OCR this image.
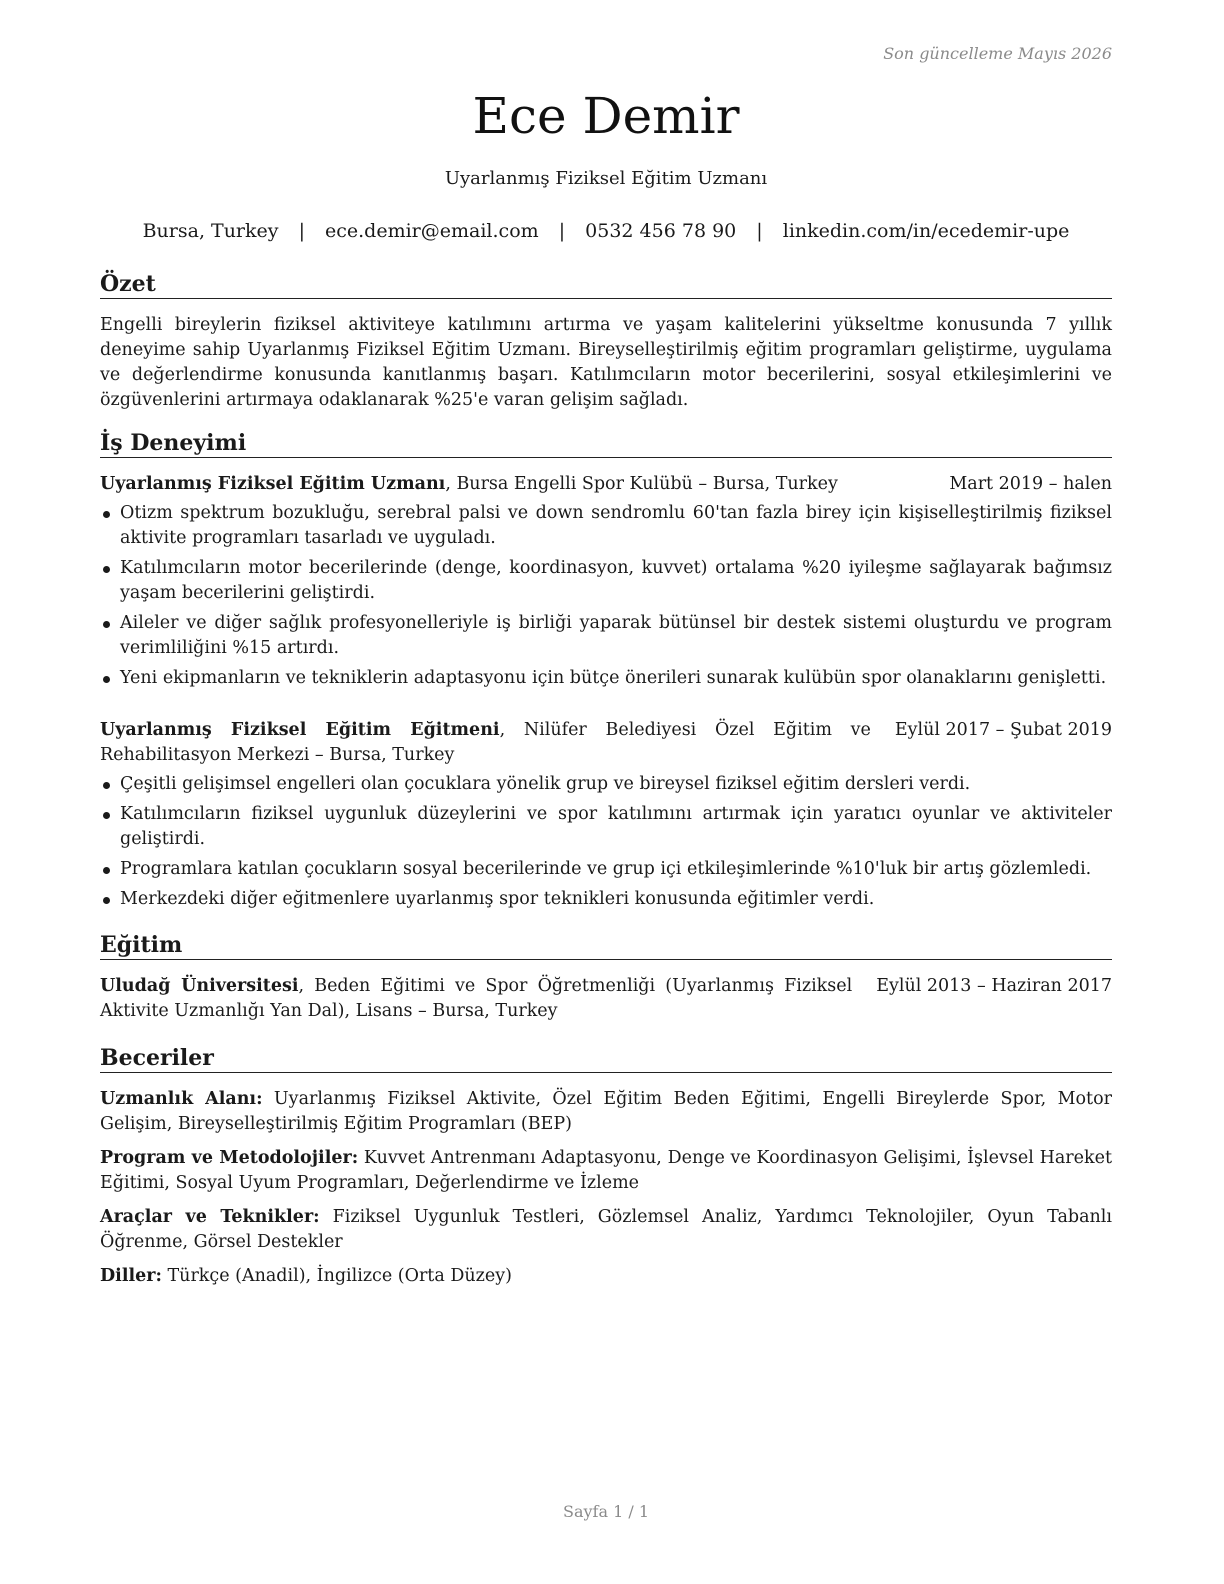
Son güncelleme Mayıs 2026
Ece Demir
Uyarlanmış Fiziksel Eğitim Uzmanı
Bursa, Turkey | ece.demir@email.com | 0532 456 78 90 | linkedin.com/in/ecedemir-upe
Özet

Engelli bireylerin fiziksel aktiviteye katılımını artırma ve yaşam kalitelerini yükseltme konusunda 7 yıllık deneyime sahip Uyarlanmış Fiziksel Eğitim Uzmanı. Bireyselleştirilmiş eğitim programları geliştirme, uygulama ve değerlendirme konusunda kanıtlanmış başarı. Katılımcıların motor becerilerini, sosyal etkileşimlerini ve özgüvenlerini artırmaya odaklanarak %25'e varan gelişim sağladı.

İş Deneyimi
Uyarlanmış Fiziksel Eğitim Uzmanı, Bursa Engelli Spor Kulübü – Bursa, Turkey	Mart 2019 – halen
Otizm spektrum bozukluğu, serebral palsi ve down sendromlu 60'tan fazla birey için kişiselleştirilmiş fiziksel aktivite programları tasarladı ve uyguladı.
Katılımcıların motor becerilerinde (denge, koordinasyon, kuvvet) ortalama %20 iyileşme sağlayarak bağımsız yaşam becerilerini geliştirdi.
Aileler ve diğer sağlık profesyonelleriyle iş birliği yaparak bütünsel bir destek sistemi oluşturdu ve program verimliliğini %15 artırdı.
Yeni ekipmanların ve tekniklerin adaptasyonu için bütçe önerileri sunarak kulübün spor olanaklarını genişletti.
Uyarlanmış Fiziksel Eğitim Eğitmeni, Nilüfer Belediyesi Özel Eğitim ve Rehabilitasyon Merkezi – Bursa, Turkey
Eylül 2017 – Şubat 2019
Çeşitli gelişimsel engelleri olan çocuklara yönelik grup ve bireysel fiziksel eğitim dersleri verdi.
Katılımcıların fiziksel uygunluk düzeylerini ve spor katılımını artırmak için yaratıcı oyunlar ve aktiviteler geliştirdi.
Programlara katılan çocukların sosyal becerilerinde ve grup içi etkileşimlerinde %10'luk bir artış gözlemledi.
Merkezdeki diğer eğitmenlere uyarlanmış spor teknikleri konusunda eğitimler verdi.
Eğitim
Uludağ Üniversitesi, Beden Eğitimi ve Spor Öğretmenliği (Uyarlanmış Fiziksel Aktivite Uzmanlığı Yan Dal), Lisans – Bursa, Turkey
Eylül 2013 – Haziran 2017
Beceriler
Uzmanlık Alanı: Uyarlanmış Fiziksel Aktivite, Özel Eğitim Beden Eğitimi, Engelli Bireylerde Spor, Motor Gelişim, Bireyselleştirilmiş Eğitim Programları (BEP)
Program ve Metodolojiler: Kuvvet Antrenmanı Adaptasyonu, Denge ve Koordinasyon Gelişimi, İşlevsel Hareket Eğitimi, Sosyal Uyum Programları, Değerlendirme ve İzleme
Araçlar ve Teknikler: Fiziksel Uygunluk Testleri, Gözlemsel Analiz, Yardımcı Teknolojiler, Oyun Tabanlı Öğrenme, Görsel Destekler
Diller: Türkçe (Anadil), İngilizce (Orta Düzey)
Sayfa 1 / 1
